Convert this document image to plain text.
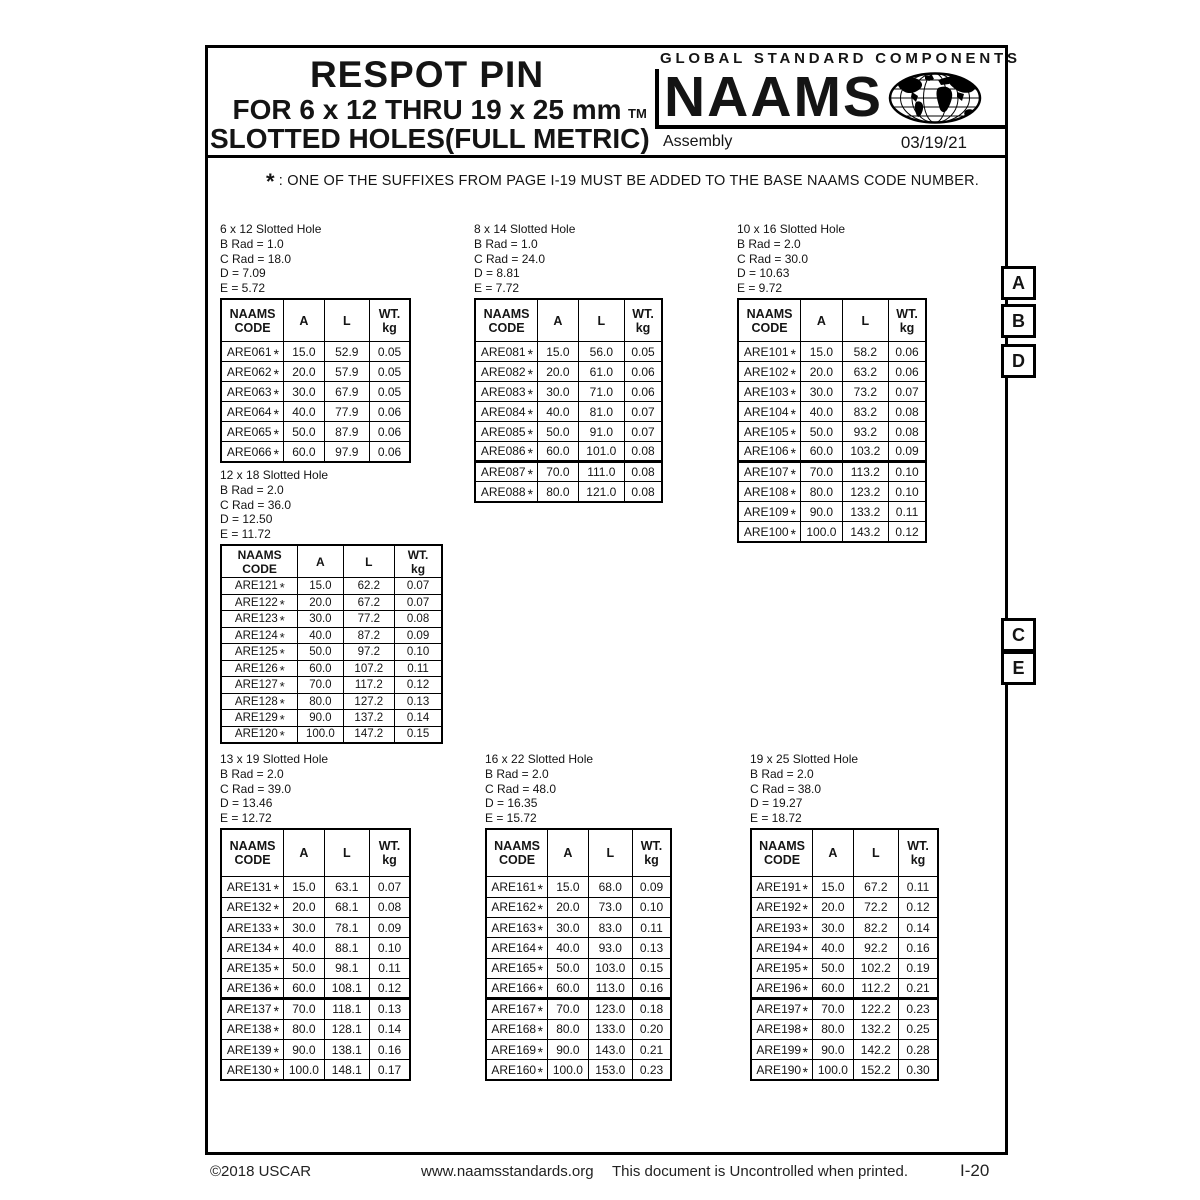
RESPOT PIN
FOR 6 x 12 THRU 19 x 25 mm
SLOTTED HOLES(FULL METRIC)
TM
GLOBAL STANDARD COMPONENTS
NAAMS
Assembly	03/19/21
* : ONE OF THE SUFFIXES FROM PAGE I-19 MUST BE ADDED TO THE BASE NAAMS CODE NUMBER.
6 x 12 Slotted Hole
B Rad = 1.0
C Rad = 18.0
D = 7.09
E = 5.72
NAAMS
CODE	A	L	WT.
kg
ARE061 *	15.0	52.9	0.05
ARE062 *	20.0	57.9	0.05
ARE063 *	30.0	67.9	0.05
ARE064 *	40.0	77.9	0.06
ARE065 *	50.0	87.9	0.06
ARE066 *	60.0	97.9	0.06
8 x 14 Slotted Hole
B Rad = 1.0
C Rad = 24.0
D = 8.81
E = 7.72
NAAMS
CODE	A	L	WT.
kg
ARE081 *	15.0	56.0	0.05
ARE082 *	20.0	61.0	0.06
ARE083 *	30.0	71.0	0.06
ARE084 *	40.0	81.0	0.07
ARE085 *	50.0	91.0	0.07
ARE086 *	60.0	101.0	0.08
ARE087 *	70.0	111.0	0.08
ARE088 *	80.0	121.0	0.08
10 x 16 Slotted Hole
B Rad = 2.0
C Rad = 30.0
D = 10.63
E = 9.72
NAAMS
CODE	A	L	WT.
kg
ARE101 *	15.0	58.2	0.06
ARE102 *	20.0	63.2	0.06
ARE103 *	30.0	73.2	0.07
ARE104 *	40.0	83.2	0.08
ARE105 *	50.0	93.2	0.08
ARE106 *	60.0	103.2	0.09
ARE107 *	70.0	113.2	0.10
ARE108 *	80.0	123.2	0.10
ARE109 *	90.0	133.2	0.11
ARE100 *	100.0	143.2	0.12
12 x 18 Slotted Hole
B Rad = 2.0
C Rad = 36.0
D = 12.50
E = 11.72
NAAMS
CODE	A	L	WT.
kg
ARE121 *	15.0	62.2	0.07
ARE122 *	20.0	67.2	0.07
ARE123 *	30.0	77.2	0.08
ARE124 *	40.0	87.2	0.09
ARE125 *	50.0	97.2	0.10
ARE126 *	60.0	107.2	0.11
ARE127 *	70.0	117.2	0.12
ARE128 *	80.0	127.2	0.13
ARE129 *	90.0	137.2	0.14
ARE120 *	100.0	147.2	0.15
13 x 19 Slotted Hole
B Rad = 2.0
C Rad = 39.0
D = 13.46
E = 12.72
NAAMS
CODE	A	L	WT.
kg
ARE131 *	15.0	63.1	0.07
ARE132 *	20.0	68.1	0.08
ARE133 *	30.0	78.1	0.09
ARE134 *	40.0	88.1	0.10
ARE135 *	50.0	98.1	0.11
ARE136 *	60.0	108.1	0.12
ARE137 *	70.0	118.1	0.13
ARE138 *	80.0	128.1	0.14
ARE139 *	90.0	138.1	0.16
ARE130 *	100.0	148.1	0.17
16 x 22 Slotted Hole
B Rad = 2.0
C Rad = 48.0
D = 16.35
E = 15.72
NAAMS
CODE	A	L	WT.
kg
ARE161 *	15.0	68.0	0.09
ARE162 *	20.0	73.0	0.10
ARE163 *	30.0	83.0	0.11
ARE164 *	40.0	93.0	0.13
ARE165 *	50.0	103.0	0.15
ARE166 *	60.0	113.0	0.16
ARE167 *	70.0	123.0	0.18
ARE168 *	80.0	133.0	0.20
ARE169 *	90.0	143.0	0.21
ARE160 *	100.0	153.0	0.23
19 x 25 Slotted Hole
B Rad = 2.0
C Rad = 38.0
D = 19.27
E = 18.72
NAAMS
CODE	A	L	WT.
kg
ARE191 *	15.0	67.2	0.11
ARE192 *	20.0	72.2	0.12
ARE193 *	30.0	82.2	0.14
ARE194 *	40.0	92.2	0.16
ARE195 *	50.0	102.2	0.19
ARE196 *	60.0	112.2	0.21
ARE197 *	70.0	122.2	0.23
ARE198 *	80.0	132.2	0.25
ARE199 *	90.0	142.2	0.28
ARE190 *	100.0	152.2	0.30
A
B
D
C
E
©2018 USCAR	www.naamsstandards.org This document is Uncontrolled when printed.	I-20
